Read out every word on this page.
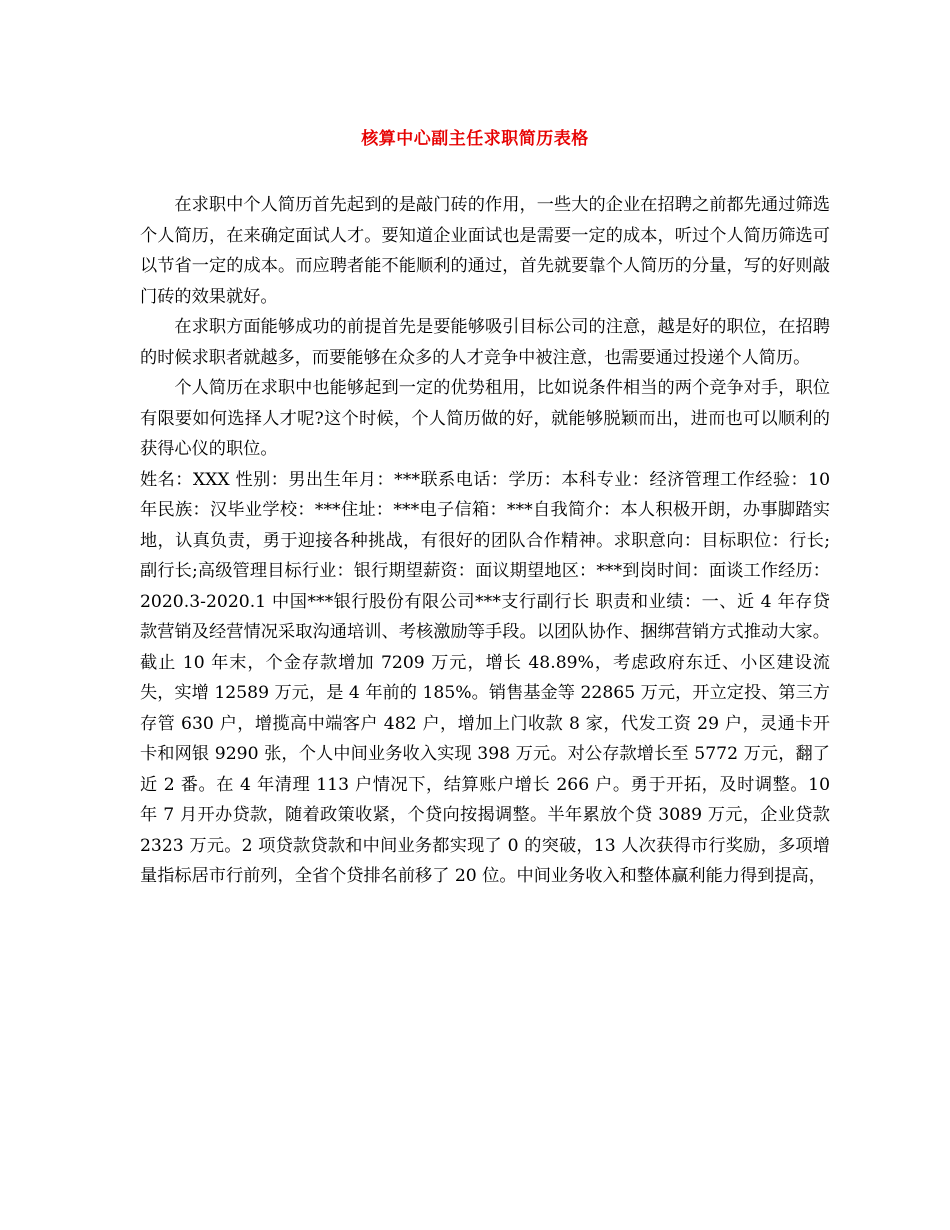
核算中心副主任求职简历表格

在求职中个人简历首先起到的是敲门砖的作用，一些大的企业在招聘之前都先通过筛选个人简历，在来确定面试人才。要知道企业面试也是需要一定的成本，听过个人简历筛选可以节省一定的成本。而应聘者能不能顺利的通过，首先就要靠个人简历的分量，写的好则敲门砖的效果就好。

在求职方面能够成功的前提首先是要能够吸引目标公司的注意，越是好的职位，在招聘的时候求职者就越多，而要能够在众多的人才竞争中被注意，也需要通过投递个人简历。

个人简历在求职中也能够起到一定的优势租用，比如说条件相当的两个竞争对手，职位有限要如何选择人才呢?这个时候，个人简历做的好，就能够脱颖而出，进而也可以顺利的获得心仪的职位。

姓名：XXX 性别：男出生年月：***联系电话：学历：本科专业：经济管理工作经验：10年民族：汉毕业学校：***住址：***电子信箱：***自我简介：本人积极开朗，办事脚踏实地，认真负责，勇于迎接各种挑战，有很好的团队合作精神。求职意向：目标职位：行长;副行长;高级管理目标行业：银行期望薪资：面议期望地区：***到岗时间：面谈工作经历：2020.3-2020.1 中国***银行股份有限公司***支行副行长 职责和业绩：一、近 4 年存贷款营销及经营情况采取沟通培训、考核激励等手段。以团队协作、捆绑营销方式推动大家。截止 10 年末，个金存款增加 7209 万元，增长 48.89%，考虑政府东迁、小区建设流失，实增 12589 万元，是 4 年前的 185%。销售基金等 22865 万元，开立定投、第三方存管 630 户，增揽高中端客户 482 户，增加上门收款 8 家，代发工资 29 户，灵通卡开卡和网银 9290 张，个人中间业务收入实现 398 万元。对公存款增长至 5772 万元，翻了近 2 番。在 4 年清理 113 户情况下，结算账户增长 266 户。勇于开拓，及时调整。10 年 7 月开办贷款，随着政策收紧，个贷向按揭调整。半年累放个贷 3089 万元，企业贷款 2323 万元。2 项贷款贷款和中间业务都实现了 0 的突破，13 人次获得市行奖励，多项增量指标居市行前列，全省个贷排名前移了 20 位。中间业务收入和整体赢利能力得到提高，
